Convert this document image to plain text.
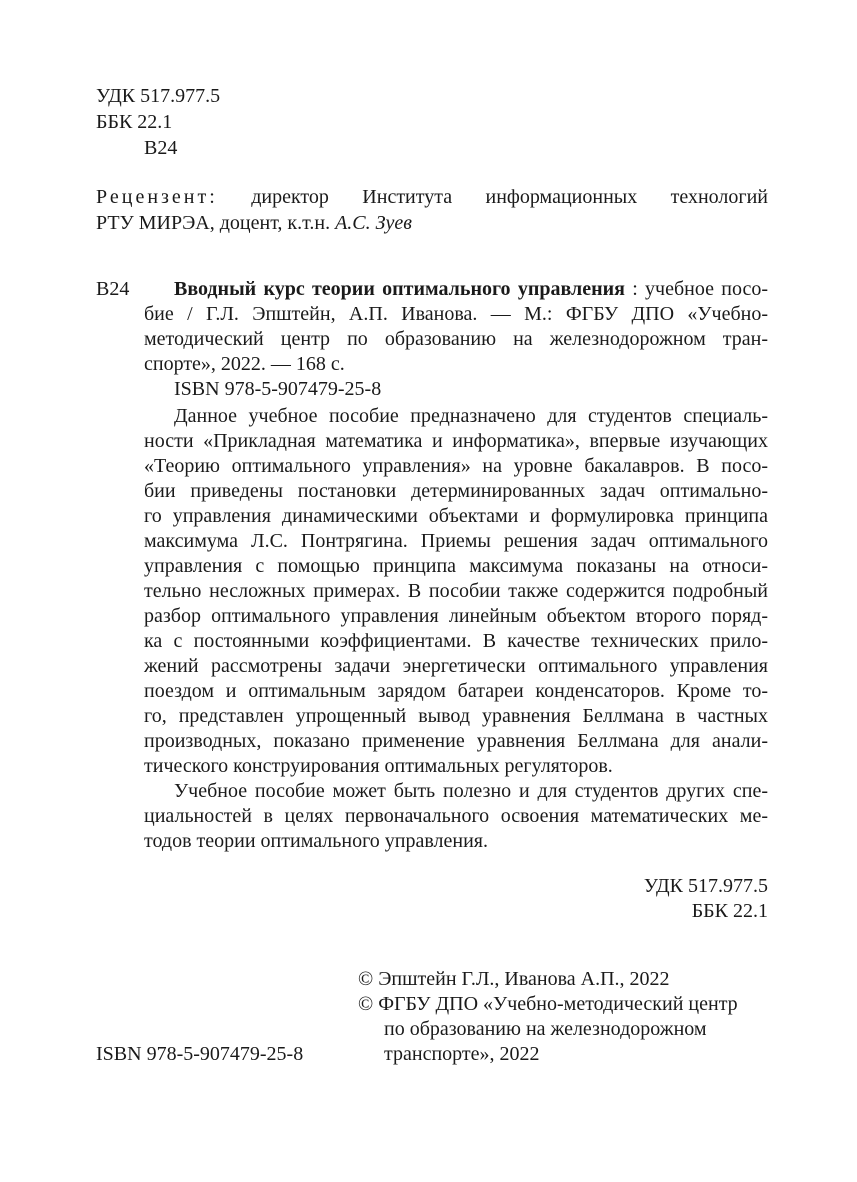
УДК 517.977.5
ББК 22.1
В24
Рецензент: директор Института информационных технологий
РТУ МИРЭА, доцент, к.т.н. А.С. Зуев
В24 Вводный курс теории оптимального управления : учебное посо-
бие / Г.Л. Эпштейн, А.П. Иванова. — М.: ФГБУ ДПО «Учебно-
методический центр по образованию на железнодорожном тран-
спорте», 2022. — 168 с.
ISBN 978-5-907479-25-8
Данное учебное пособие предназначено для студентов специаль-
ности «Прикладная математика и информатика», впервые изучающих
«Теорию оптимального управления» на уровне бакалавров. В посо-
бии приведены постановки детерминированных задач оптимально-
го управления динамическими объектами и формулировка принципа
максимума Л.С. Понтрягина. Приемы решения задач оптимального
управления с помощью принципа максимума показаны на относи-
тельно несложных примерах. В пособии также содержится подробный
разбор оптимального управления линейным объектом второго поряд-
ка с постоянными коэффициентами. В качестве технических прило-
жений рассмотрены задачи энергетически оптимального управления
поездом и оптимальным зарядом батареи конденсаторов. Кроме то-
го, представлен упрощенный вывод уравнения Беллмана в частных
производных, показано применение уравнения Беллмана для анали-
тического конструирования оптимальных регуляторов.
Учебное пособие может быть полезно и для студентов других спе-
циальностей в целях первоначального освоения математических ме-
тодов теории оптимального управления.
УДК 517.977.5
ББК 22.1
© Эпштейн Г.Л., Иванова А.П., 2022
© ФГБУ ДПО «Учебно-методический центр
по образованию на железнодорожном
транспорте», 2022
ISBN 978-5-907479-25-8
